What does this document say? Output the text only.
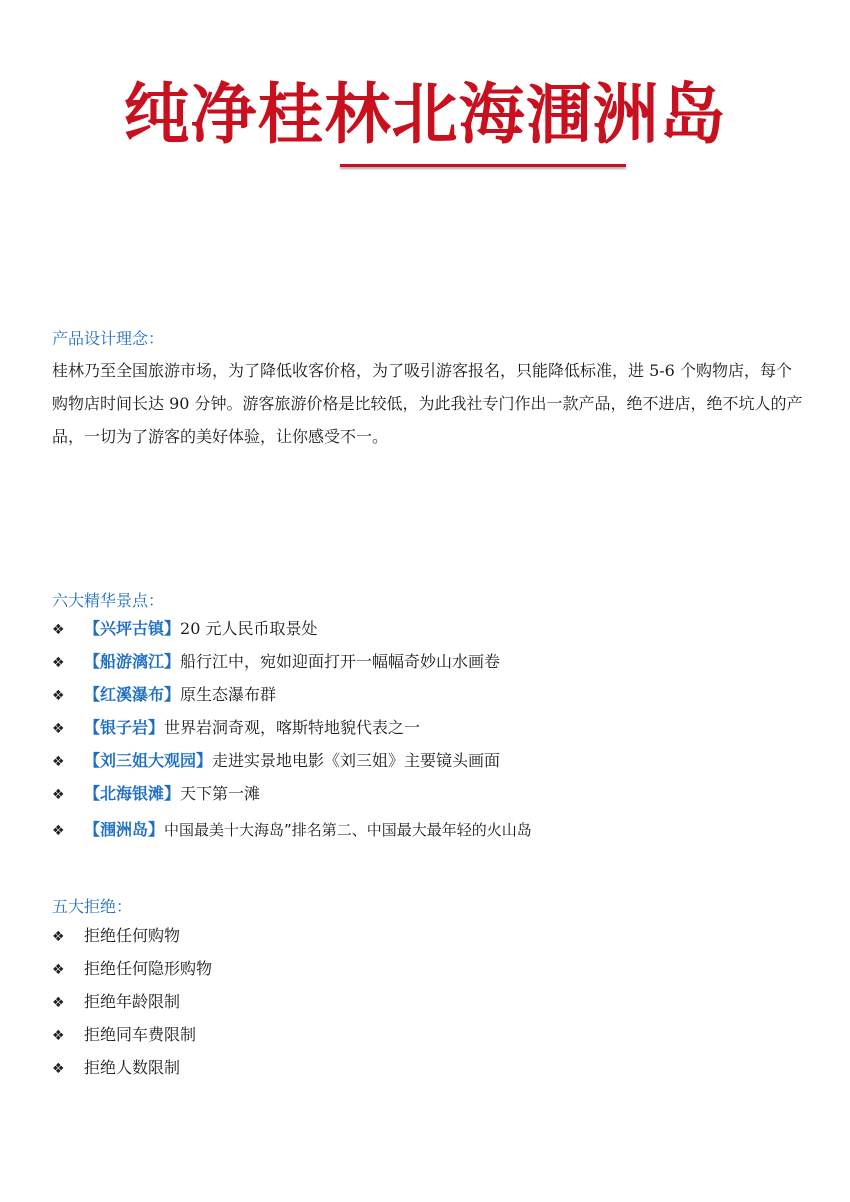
纯净桂林北海涠洲岛
产品设计理念：
桂林乃至全国旅游市场，为了降低收客价格，为了吸引游客报名，只能降低标准，进 5-6 个购物店，每个购物店时间长达 90 分钟。游客旅游价格是比较低，为此我社专门作出一款产品，绝不进店，绝不坑人的产品，一切为了游客的美好体验，让你感受不一。
六大精华景点：
❖ 【兴坪古镇】20 元人民币取景处
❖ 【船游漓江】船行江中，宛如迎面打开一幅幅奇妙山水画卷
❖ 【红溪瀑布】原生态瀑布群
❖ 【银子岩】世界岩洞奇观，喀斯特地貌代表之一
❖ 【刘三姐大观园】走进实景地电影《刘三姐》主要镜头画面
❖ 【北海银滩】天下第一滩
❖ 【涠洲岛】中国最美十大海岛”排名第二、中国最大最年轻的火山岛
五大拒绝：
❖ 拒绝任何购物
❖ 拒绝任何隐形购物
❖ 拒绝年龄限制
❖ 拒绝同车费限制
❖ 拒绝人数限制
